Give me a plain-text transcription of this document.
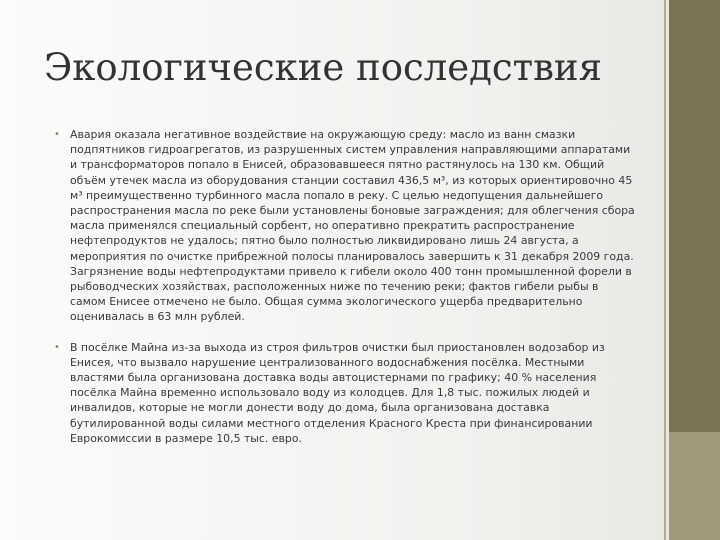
Экологические последствия
• Авария оказала негативное воздействие на окружающую среду: масло из ванн смазки подпятников гидроагрегатов, из разрушенных систем управления направляющими аппаратами и трансформаторов попало в Енисей, образовавшееся пятно растянулось на 130 км. Общий объём утечек масла из оборудования станции составил 436,5 м³, из которых ориентировочно 45 м³ преимущественно турбинного масла попало в реку. С целью недопущения дальнейшего распространения масла по реке были установлены боновые заграждения; для облегчения сбора масла применялся специальный сорбент, но оперативно прекратить распространение нефтепродуктов не удалось; пятно было полностью ликвидировано лишь 24 августа, а мероприятия по очистке прибрежной полосы планировалось завершить к 31 декабря 2009 года. Загрязнение воды нефтепродуктами привело к гибели около 400 тонн промышленной форели в рыбоводческих хозяйствах, расположенных ниже по течению реки; фактов гибели рыбы в самом Енисее отмечено не было. Общая сумма экологического ущерба предварительно оценивалась в 63 млн рублей.
• В посёлке Майна из-за выхода из строя фильтров очистки был приостановлен водозабор из Енисея, что вызвало нарушение централизованного водоснабжения посёлка. Местными властями была организована доставка воды автоцистернами по графику; 40 % населения посёлка Майна временно использовало воду из колодцев. Для 1,8 тыс. пожилых людей и инвалидов, которые не могли донести воду до дома, была организована доставка бутилированной воды силами местного отделения Красного Креста при финансировании Еврокомиссии в размере 10,5 тыс. евро.
